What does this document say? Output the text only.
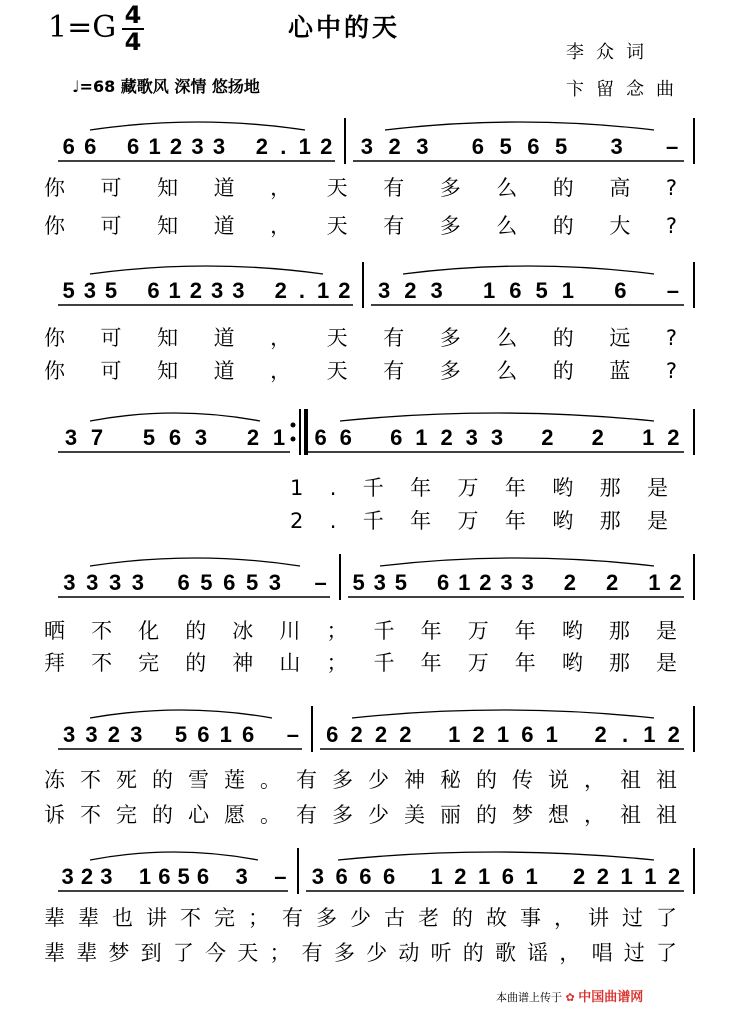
1=G 4
4	心中的天
李众词
卞留念曲
♩=68 藏歌风 深情 悠扬地
6 6 6 1 2 3 3 2 . 1 2 3 2 3 6 5 6 5 3 –
你可知道，天有多么的高?
你可知道，天有多么的大?
5 3 5 6 1 2 3 3 2 . 1 2 3 2 3 1 6 5 1 6 –
你可知道，天有多么的远?
你可知道，天有多么的蓝?
3 7 5 6 3 2 1 6 6 6 1 2 3 3 2 2 1 2
1.千年万年哟那是
2.千年万年哟那是
3 3 3 3 6 5 6 5 3 – 5 3 5 6 1 2 3 3 2 2 1 2
晒不化的冰川；千年万年哟那是
拜不完的神山；千年万年哟那是
3 3 2 3 5 6 1 6 – 6 2 2 2 1 2 1 6 1 2 . 1 2
冻不死的雪莲。有多少神秘的传说，祖祖
诉不完的心愿。有多少美丽的梦想，祖祖
3 2 3 1 6 5 6 3 – 3 6 6 6 1 2 1 6 1 2 2 1 1 2
辈辈也讲不完；有多少古老的故事，讲过了
辈辈梦到了今天；有多少动听的歌谣，唱过了
本曲谱上传于 ✿ 中国曲谱网
